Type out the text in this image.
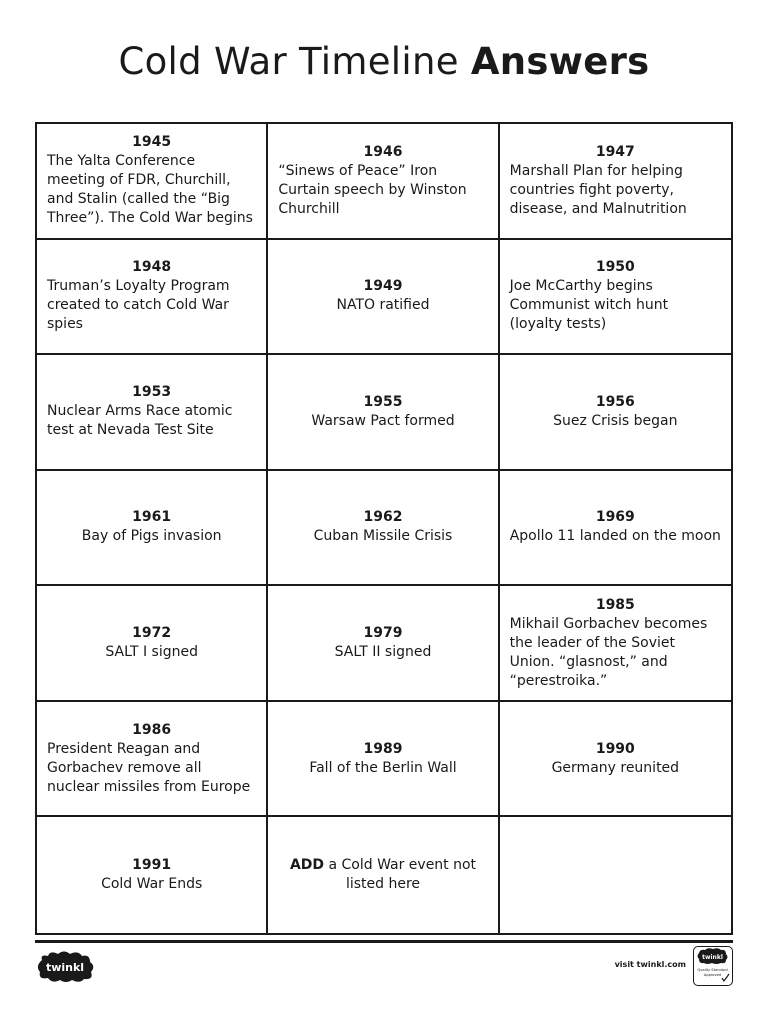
Cold War Timeline Answers
1945
The Yalta Conference meeting of FDR, Churchill, and Stalin (called the “Big Three”). The Cold War begins
1946
“Sinews of Peace” Iron Curtain speech by Winston Churchill
1947
Marshall Plan for helping countries fight poverty, disease, and Malnutrition
1948
Truman’s Loyalty Program created to catch Cold War spies
1949
NATO ratified
1950
Joe McCarthy begins Communist witch hunt (loyalty tests)
1953
Nuclear Arms Race atomic test at Nevada Test Site
1955
Warsaw Pact formed
1956
Suez Crisis began
1961
Bay of Pigs invasion
1962
Cuban Missile Crisis
1969
Apollo 11 landed on the moon
1972
SALT I signed
1979
SALT II signed
1985
Mikhail Gorbachev becomes the leader of the Soviet Union. “glasnost,” and “perestroika.”
1986
President Reagan and Gorbachev remove all nuclear missiles from Europe
1989
Fall of the Berlin Wall
1990
Germany reunited
1991
Cold War Ends
ADD a Cold War event not listed here
twinkl	visit twinkl.com
twinkl
Quality Standard
Approved
